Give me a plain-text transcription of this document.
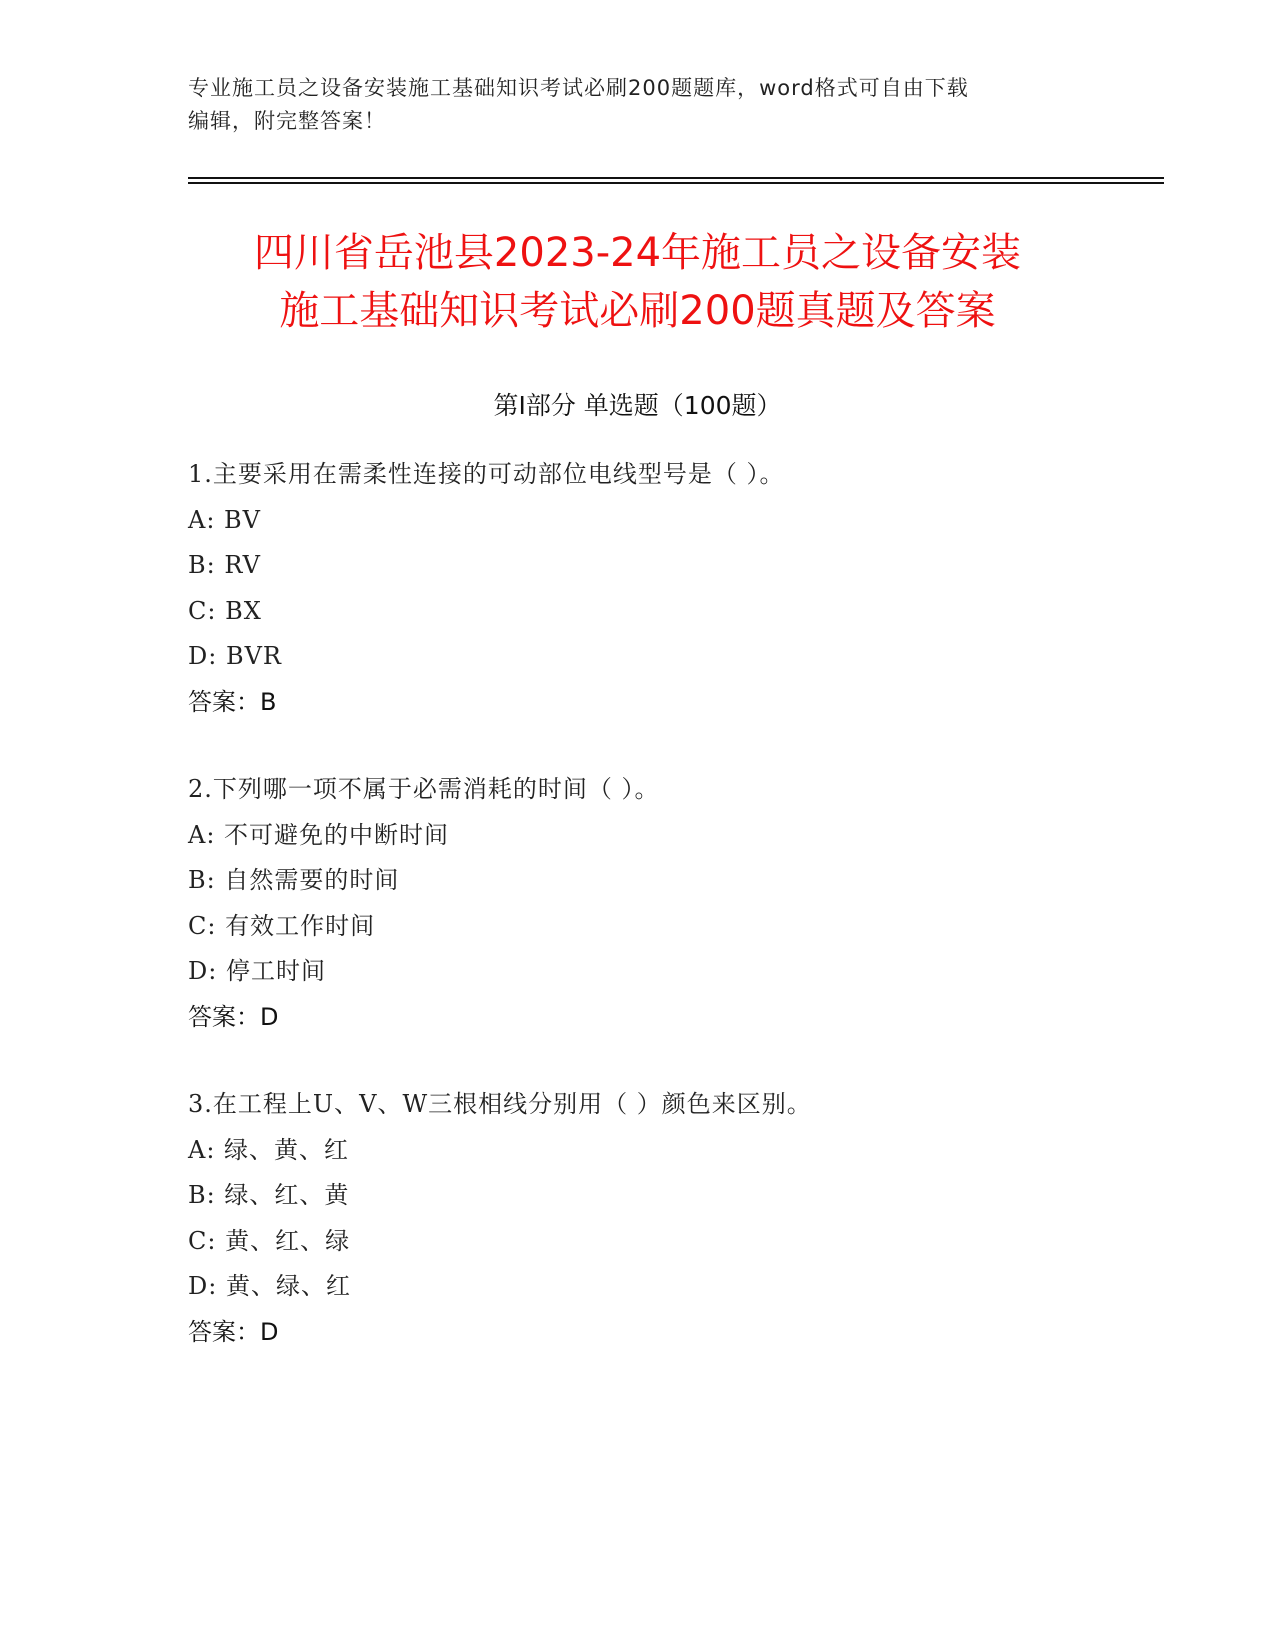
专业施工员之设备安装施工基础知识考试必刷200题题库，word格式可自由下载
编辑，附完整答案！
四川省岳池县2023-24年施工员之设备安装
施工基础知识考试必刷200题真题及答案
第Ⅰ部分 单选题（100题）
1.主要采用在需柔性连接的可动部位电线型号是（ ）。
A: BV
B: RV
C: BX
D: BVR
答案：B
2.下列哪一项不属于必需消耗的时间（ ）。
A: 不可避免的中断时间
B: 自然需要的时间
C: 有效工作时间
D: 停工时间
答案：D
3.在工程上U、V、W三根相线分别用（ ）颜色来区别。
A: 绿、黄、红
B: 绿、红、黄
C: 黄、红、绿
D: 黄、绿、红
答案：D
